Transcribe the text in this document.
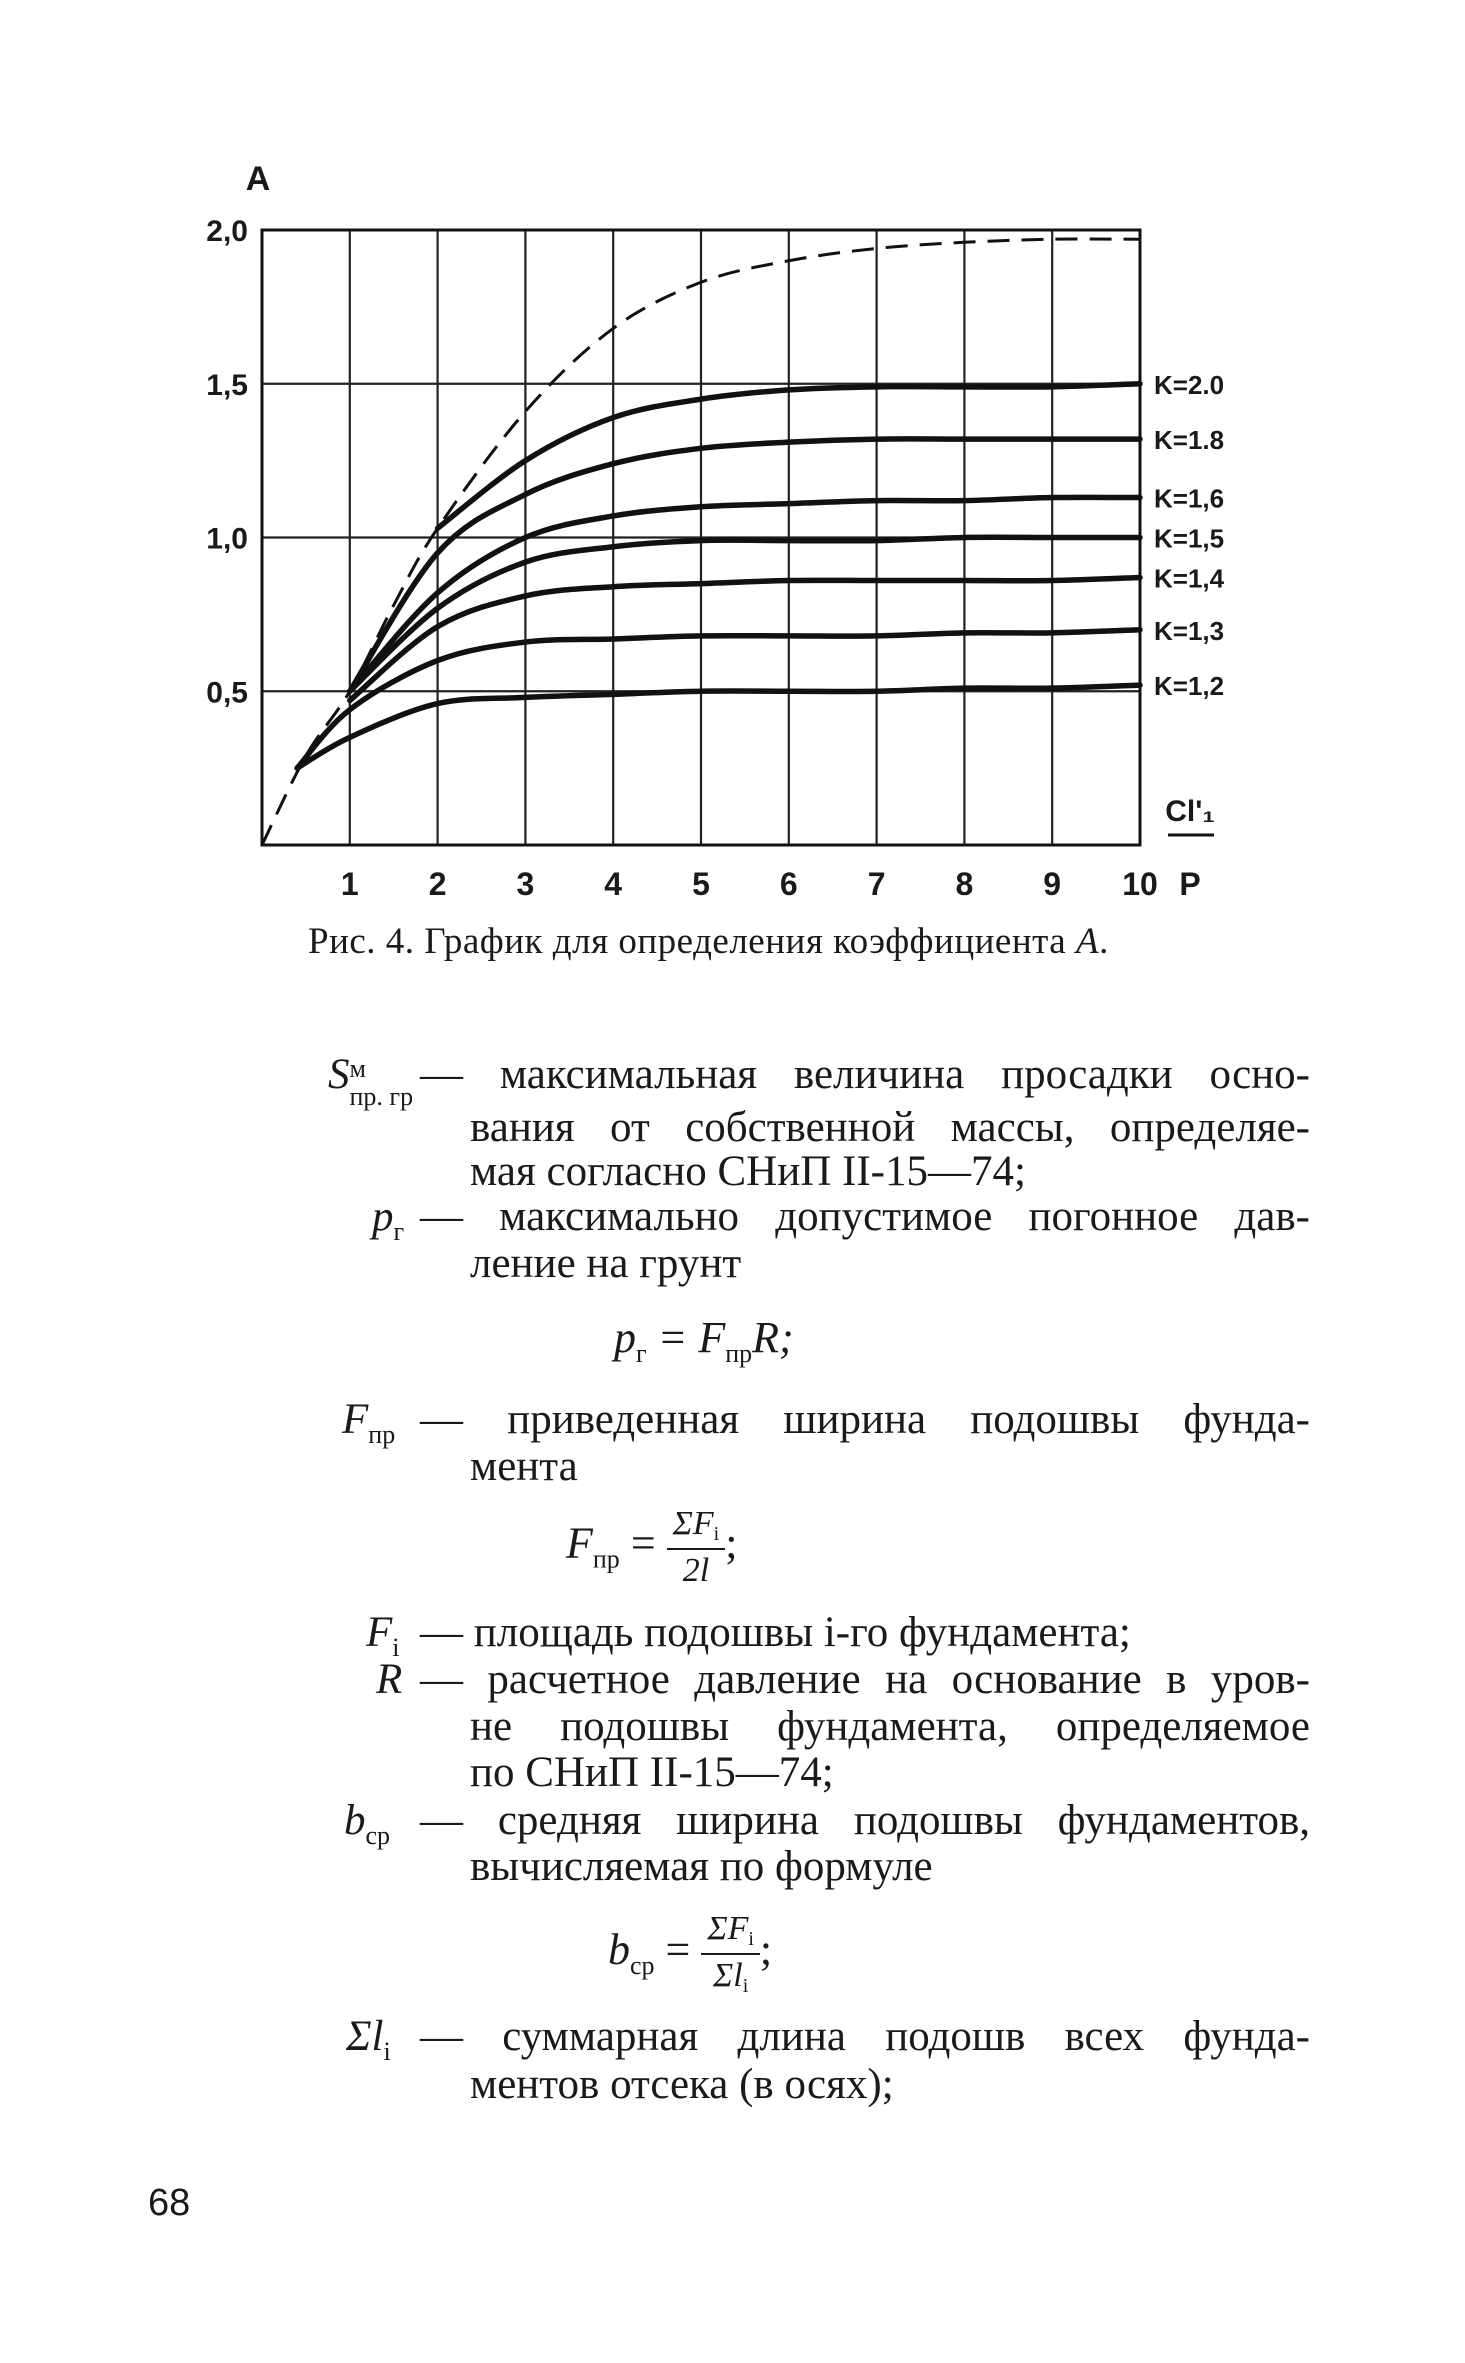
1 2 3 4 5 6 7 8 9 10
2,0
1,5
1,0
0,5
A
Cl'₁
P
K=2.0
K=1.8
K=1,6
K=1,5
K=1,4
K=1,3
K=1,2
Рис. 4. График для определения коэффициента A.
S м
пр. гр — максимальная величина просадки осно-
вания от собственной массы, определяе-
мая согласно СНиП II-15—74;
$p_г$ — максимально допустимое погонное дав-
ление на грунт
$p_г = F_{пр}R$;
$F_{пр}$ — приведенная ширина подошвы фунда-
мента
$F_{пр} = \frac{\Sigma F_i}{2l}$ ;
$F_i$ — площадь подошвы i-го фундамента;
R — расчетное давление на основание в уров-
не подошвы фундамента, определяемое
по СНиП II-15—74;
$b_{ср}$ — средняя ширина подошвы фундаментов,
вычисляемая по формуле
$b_{ср} = \frac{\Sigma F_i}{\Sigma l_i}$ ;
$\Sigma l_i$ — суммарная длина подошв всех фунда-
ментов отсека (в осях);
68
